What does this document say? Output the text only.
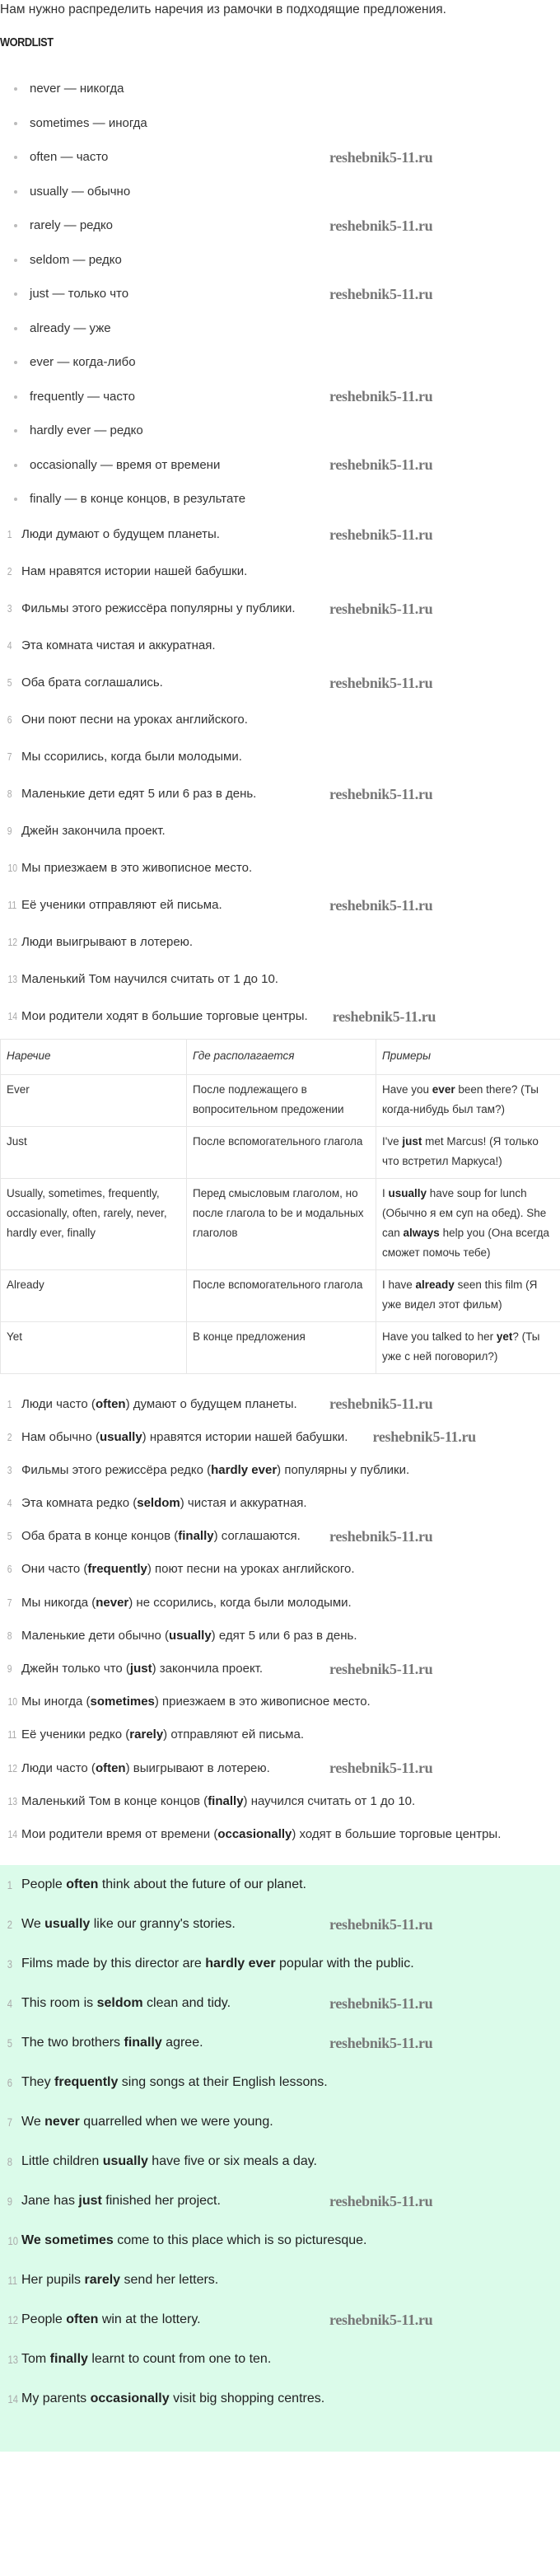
Нам нужно распределить наречия из рамочки в подходящие предложения.
WORDLIST
never — никогда
sometimes — иногда
often — часто
usually — обычно
rarely — редко
seldom — редко
just — только что
already — уже
ever — когда-либо
frequently — часто
hardly ever — редко
occasionally — время от времени
finally — в конце концов, в результате
1 Люди думают о будущем планеты.
2 Нам нравятся истории нашей бабушки.
3 Фильмы этого режиссёра популярны у публики.
4 Эта комната чистая и аккуратная.
5 Оба брата соглашались.
6 Они поют песни на уроках английского.
7 Мы ссорились, когда были молодыми.
8 Маленькие дети едят 5 или 6 раз в день.
9 Джейн закончила проект.
10 Мы приезжаем в это живописное место.
11 Её ученики отправляют ей письма.
12 Люди выигрывают в лотерею.
13 Маленький Том научился считать от 1 до 10.
14 Мои родители ходят в большие торговые центры.
Наречие	Где располагается	Примеры
Ever	После подлежащего в вопросительном предожении	Have you ever been there? (Ты когда-нибудь был там?)
Just	После вспомогательного глагола	I've just met Marcus! (Я только что встретил Маркуса!)
Usually, sometimes, frequently, occasionally, often, rarely, never, hardly ever, finally	Перед смысловым глаголом, но после глагола to be и модальных глаголов	I usually have soup for lunch (Обычно я ем суп на обед). She can always help you (Она всегда сможет помочь тебе)
Already	После вспомогательного глагола	I have already seen this film (Я уже видел этот фильм)
Yet	В конце предложения	Have you talked to her yet? (Ты уже с ней поговорил?)
1 Люди часто (often) думают о будущем планеты.
2 Нам обычно (usually) нравятся истории нашей бабушки.
3 Фильмы этого режиссёра редко (hardly ever) популярны у публики.
4 Эта комната редко (seldom) чистая и аккуратная.
5 Оба брата в конце концов (finally) соглашаются.
6 Они часто (frequently) поют песни на уроках английского.
7 Мы никогда (never) не ссорились, когда были молодыми.
8 Маленькие дети обычно (usually) едят 5 или 6 раз в день.
9 Джейн только что (just) закончила проект.
10 Мы иногда (sometimes) приезжаем в это живописное место.
11 Её ученики редко (rarely) отправляют ей письма.
12 Люди часто (often) выигрывают в лотерею.
13 Маленький Том в конце концов (finally) научился считать от 1 до 10.
14 Мои родители время от времени (occasionally) ходят в большие торговые центры.
1 People often think about the future of our planet.
2 We usually like our granny's stories.
3 Films made by this director are hardly ever popular with the public.
4 This room is seldom clean and tidy.
5 The two brothers finally agree.
6 They frequently sing songs at their English lessons.
7 We never quarrelled when we were young.
8 Little children usually have five or six meals a day.
9 Jane has just finished her project.
10 We sometimes come to this place which is so picturesque.
11 Her pupils rarely send her letters.
12 People often win at the lottery.
13 Tom finally learnt to count from one to ten.
14 My parents occasionally visit big shopping centres.
reshebnik5-11.ru
reshebnik5-11.ru
reshebnik5-11.ru
reshebnik5-11.ru
reshebnik5-11.ru
reshebnik5-11.ru
reshebnik5-11.ru
reshebnik5-11.ru
reshebnik5-11.ru
reshebnik5-11.ru
reshebnik5-11.ru
reshebnik5-11.ru
reshebnik5-11.ru
reshebnik5-11.ru
reshebnik5-11.ru
reshebnik5-11.ru
reshebnik5-11.ru
reshebnik5-11.ru
reshebnik5-11.ru
reshebnik5-11.ru
reshebnik5-11.ru
